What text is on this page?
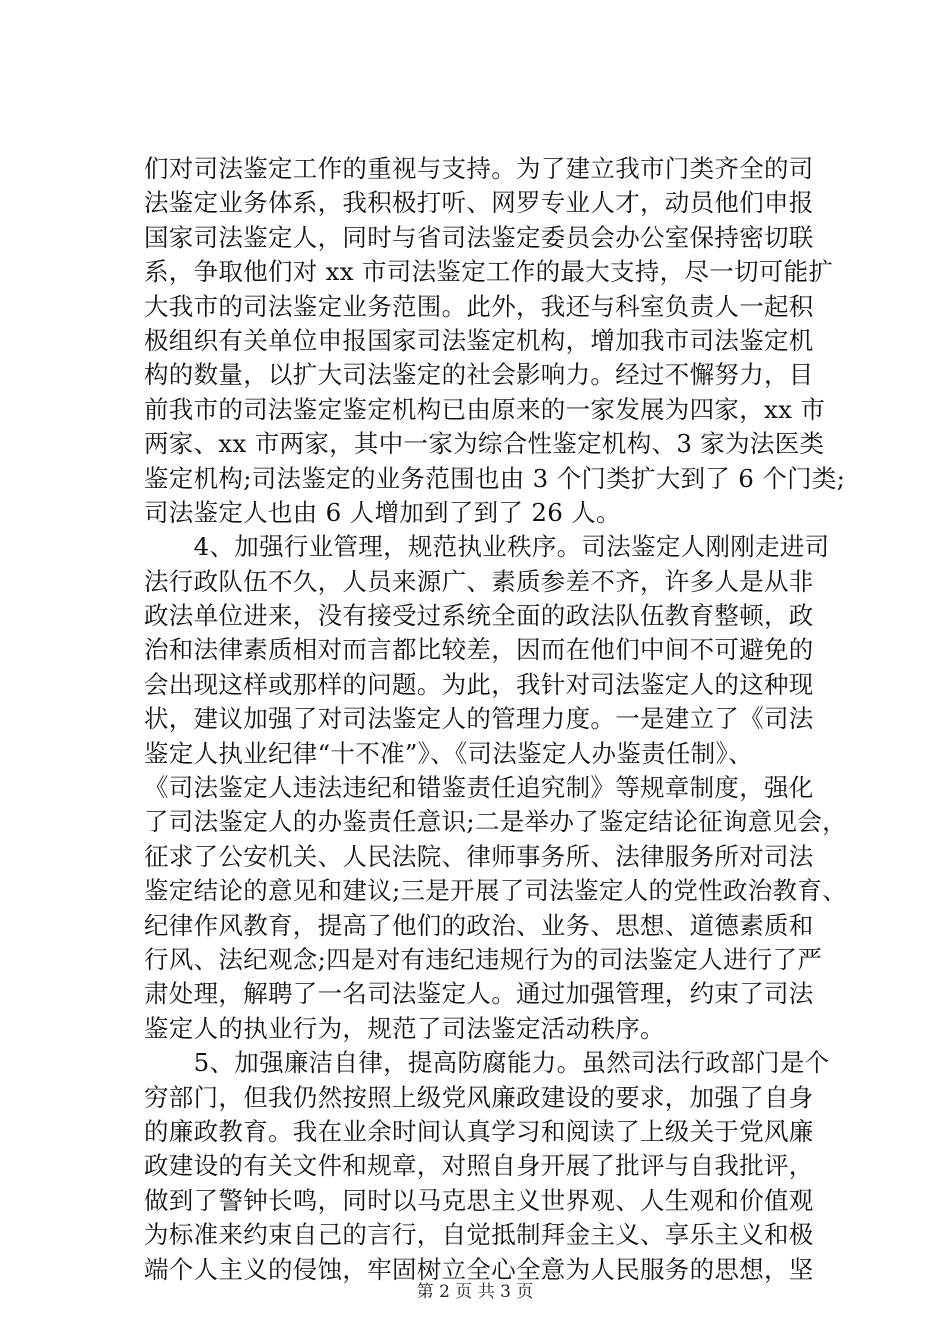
们对司法鉴定工作的重视与支持。为了建立我市门类齐全的司
法鉴定业务体系，我积极打听、网罗专业人才，动员他们申报
国家司法鉴定人，同时与省司法鉴定委员会办公室保持密切联
系，争取他们对 xx 市司法鉴定工作的最大支持，尽一切可能扩
大我市的司法鉴定业务范围。此外，我还与科室负责人一起积
极组织有关单位申报国家司法鉴定机构，增加我市司法鉴定机
构的数量，以扩大司法鉴定的社会影响力。经过不懈努力，目
前我市的司法鉴定鉴定机构已由原来的一家发展为四家，xx 市
两家、xx 市两家，其中一家为综合性鉴定机构、3 家为法医类
鉴定机构;司法鉴定的业务范围也由 3 个门类扩大到了 6 个门类;
司法鉴定人也由 6 人增加到了到了 26 人。
　　4、加强行业管理，规范执业秩序。司法鉴定人刚刚走进司
法行政队伍不久，人员来源广、素质参差不齐，许多人是从非
政法单位进来，没有接受过系统全面的政法队伍教育整顿，政
治和法律素质相对而言都比较差，因而在他们中间不可避免的
会出现这样或那样的问题。为此，我针对司法鉴定人的这种现
状，建议加强了对司法鉴定人的管理力度。一是建立了《司法
鉴定人执业纪律“十不准”》、《司法鉴定人办鉴责任制》、
《司法鉴定人违法违纪和错鉴责任追究制》等规章制度，强化
了司法鉴定人的办鉴责任意识;二是举办了鉴定结论征询意见会，
征求了公安机关、人民法院、律师事务所、法律服务所对司法
鉴定结论的意见和建议;三是开展了司法鉴定人的党性政治教育、
纪律作风教育，提高了他们的政治、业务、思想、道德素质和
行风、法纪观念;四是对有违纪违规行为的司法鉴定人进行了严
肃处理，解聘了一名司法鉴定人。通过加强管理，约束了司法
鉴定人的执业行为，规范了司法鉴定活动秩序。
　　5、加强廉洁自律，提高防腐能力。虽然司法行政部门是个
穷部门，但我仍然按照上级党风廉政建设的要求，加强了自身
的廉政教育。我在业余时间认真学习和阅读了上级关于党风廉
政建设的有关文件和规章，对照自身开展了批评与自我批评，
做到了警钟长鸣，同时以马克思主义世界观、人生观和价值观
为标准来约束自己的言行，自觉抵制拜金主义、享乐主义和极
端个人主义的侵蚀，牢固树立全心全意为人民服务的思想，坚
第 2 页 共 3 页
